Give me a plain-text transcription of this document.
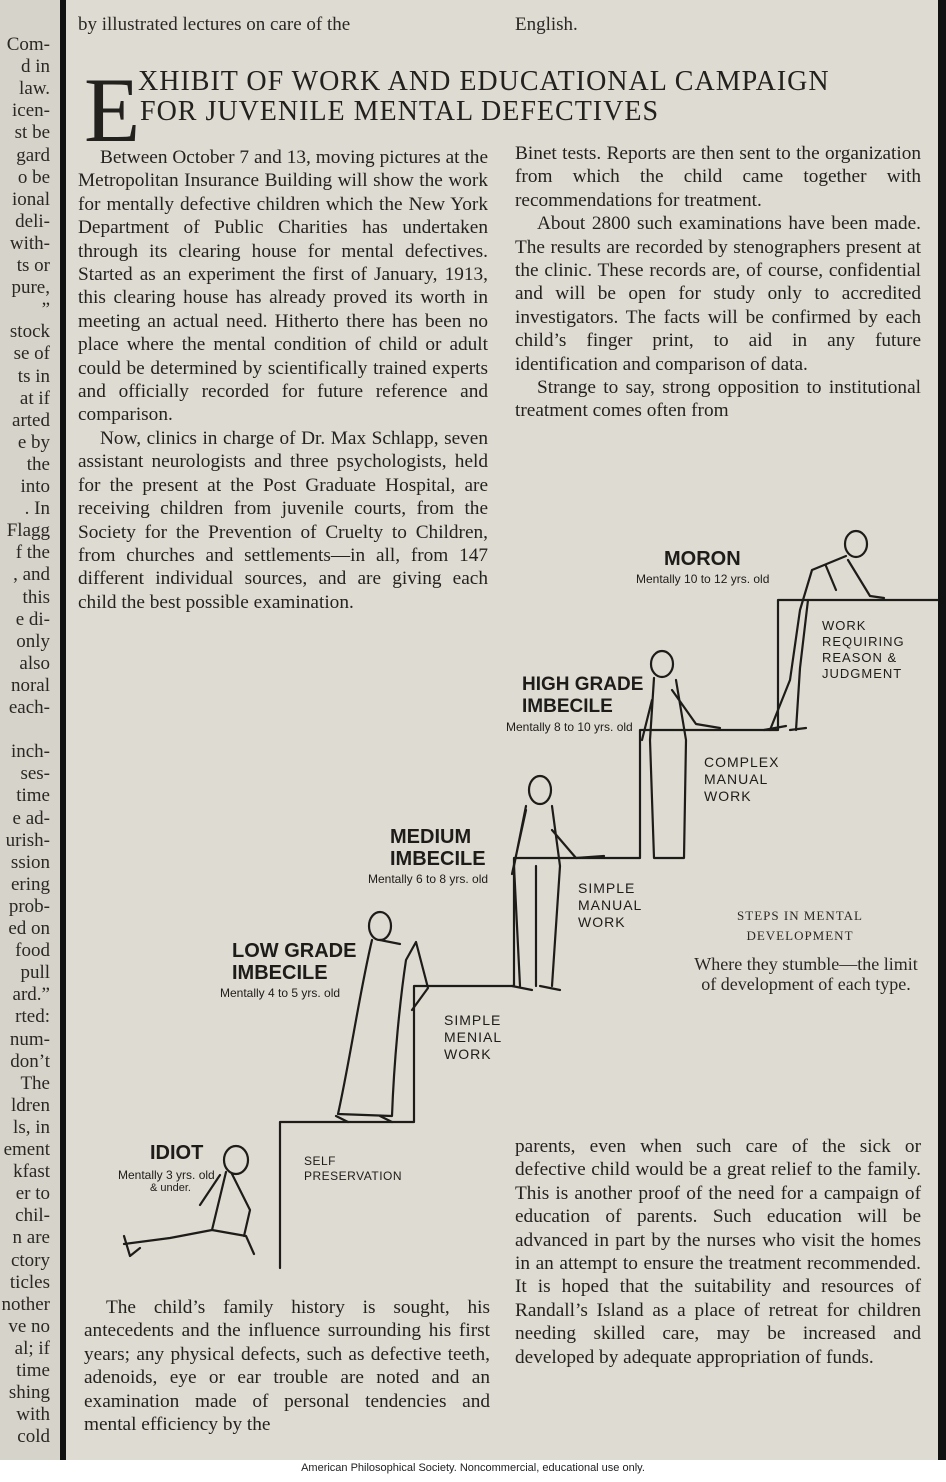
Com-
d in
law.
icen-
st be
gard
o be
ional
deli-
with-
ts or
pure,
”
stock
se of
ts in
at if
arted
e by
the
into
. In
Flagg
f the
, and
this
e di-
only
also
noral
each-
inch-
ses-
time
e ad-
urish-
ssion
ering
prob-
ed on
food
pull
ard.”
rted:
num-
don’t
The
ldren
ls, in
ement
kfast
er to
chil-
n are
ctory
ticles
nother
ve no
al; if
time
shing
with
cold
by illustrated lectures on care of the	English.
E
XHIBIT OF WORK AND EDUCATIONAL CAMPAIGN
FOR JUVENILE MENTAL DEFECTIVES

Between October 7 and 13, moving pictures at the Metropolitan Insurance Building will show the work for mentally defective children which the New York Department of Public Charities has undertaken through its clearing house for mental defectives. Started as an experiment the first of January, 1913, this clearing house has already proved its worth in meeting an actual need. Hitherto there has been no place where the mental condition of child or adult could be determined by scientifically trained experts and officially recorded for future reference and comparison.

Now, clinics in charge of Dr. Max Schlapp, seven assistant neurologists and three psychologists, held for the present at the Post Graduate Hospital, are receiving children from juvenile courts, from the Society for the Prevention of Cruelty to Children, from churches and settlements—in all, from 147 different individual sources, and are giving each child the best possible examination.

Binet tests. Reports are then sent to the organization from which the child came together with recommendations for treatment.

About 2800 such examinations have been made. The results are recorded by stenographers present at the clinic. These records are, of course, confidential and will be open for study only to accredited investigators. The facts will be confirmed by each child’s finger print, to aid in any future identification and comparison of data.

Strange to say, strong opposition to institutional treatment comes often from

The child’s family history is sought, his antecedents and the influence surrounding his first years; any physical defects, such as defective teeth, adenoids, eye or ear trouble are noted and an examination made of personal tendencies and mental efficiency by the

parents, even when such care of the sick or defective child would be a great relief to the family. This is another proof of the need for a campaign of education of parents. Such education will be advanced in part by the nurses who visit the homes in an attempt to ensure the treatment recommended. It is hoped that the suitability and resources of Randall’s Island as a place of retreat for children needing skilled care, may be increased and developed by adequate appropriation of funds.

MORON
Mentally 10 to 12 yrs. old
WORK
REQUIRING
REASON &
JUDGMENT
HIGH GRADE
IMBECILE
Mentally 8 to 10 yrs. old
COMPLEX
MANUAL
WORK
MEDIUM
IMBECILE
Mentally 6 to 8 yrs. old
SIMPLE
MANUAL
WORK
LOW GRADE
IMBECILE
Mentally 4 to 5 yrs. old
SIMPLE
MENIAL
WORK
IDIOT
Mentally 3 yrs. old
& under.
SELF
PRESERVATION
STEPS IN MENTAL DEVELOPMENT
Where they stumble—the limit of development of each type.
American Philosophical Society. Noncommercial, educational use only.
